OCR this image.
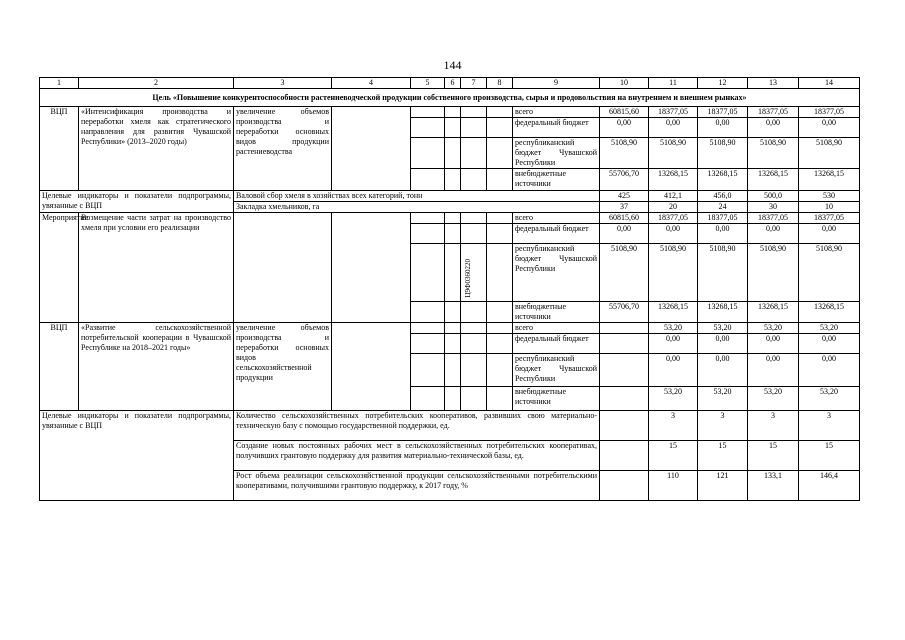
144
1	2	3	4	5	6	7	8	9	10	11	12	13	14
Цель «Повышение конкурентоспособности растениеводческой продукции собственного производства, сырья и продовольствия на внутреннем и внешнем рынках»													
ВЦП	«Интенсификация производства и переработки хмеля как стратегического направления для развития Чувашской Республики» (2013–2020 годы)	увеличение объемов производства и переработки основных видов продукции растениеводства						всего	60815,60	18377,05	18377,05	18377,05	18377,05
								федеральный бюджет	0,00	0,00	0,00	0,00	0,00
								республиканский бюджет Чувашской Республики	5108,90	5108,90	5108,90	5108,90	5108,90
								внебюджетные источники	55706,70	13268,15	13268,15	13268,15	13268,15
Целевые индикаторы и показатели подпрограммы, увязанные с ВЦП		Валовой сбор хмеля в хозяйствах всех категорий, тонн							425	412,1	456,0	500,0	530
		Закладка хмельников, га							37	20	24	30	10
Мероприятие	Возмещение части затрат на производство хмеля при условии его реализации							всего	60815,60	18377,05	18377,05	18377,05	18377,05
								федеральный бюджет	0,00	0,00	0,00	0,00	0,00
						Ц9Ф0360220		республиканский бюджет Чувашской Республики	5108,90	5108,90	5108,90	5108,90	5108,90
								внебюджетные источники	55706,70	13268,15	13268,15	13268,15	13268,15
ВЦП	«Развитие сельскохозяйственной потребительской кооперации в Чувашской Республике на 2018–2021 годы»	увеличение объемов производства и переработки основных видов сельскохозяйственной продукции						всего		53,20	53,20	53,20	53,20
								федеральный бюджет		0,00	0,00	0,00	0,00
								республиканский бюджет Чувашской Республики		0,00	0,00	0,00	0,00
								внебюджетные источники		53,20	53,20	53,20	53,20
Целевые индикаторы и показатели подпрограммы, увязанные с ВЦП		Количество сельскохозяйственных потребительских кооперативов, развивших свою материально-техническую базу с помощью государственной поддержки, ед.								3	3	3	3
		Создание новых постоянных рабочих мест в сельскохозяйственных потребительских кооперативах, получивших грантовую поддержку для развития материально-технической базы, ед.								15	15	15	15
		Рост объема реализации сельскохозяйственной продукции сельскохозяйственными потребительскими кооперативами, получившими грантовую поддержку, к 2017 году, %								110	121	133,1	146,4
